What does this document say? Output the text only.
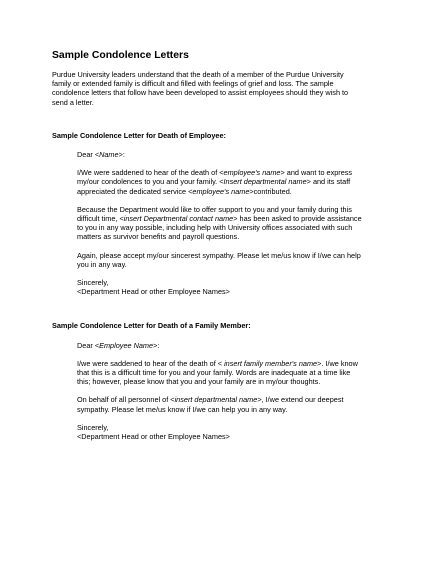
Sample Condolence Letters

Purdue University leaders understand that the death of a member of the Purdue University
family or extended family is difficult and filled with feelings of grief and loss. The sample
condolence letters that follow have been developed to assist employees should they wish to
send a letter.

Sample Condolence Letter for Death of Employee:

Dear <Name>:

I/We were saddened to hear of the death of <employee's name> and want to express
my/our condolences to you and your family. <Insert departmental name> and its staff
appreciated the dedicated service <employee's name>contributed.

Because the Department would like to offer support to you and your family during this
difficult time, <insert Departmental contact name> has been asked to provide assistance
to you in any way possible, including help with University offices associated with such
matters as survivor benefits and payroll questions.

Again, please accept my/our sincerest sympathy. Please let me/us know if I/we can help
you in any way.

Sincerely,
<Department Head or other Employee Names>

Sample Condolence Letter for Death of a Family Member:

Dear <Employee Name>:

I/we were saddened to hear of the death of < insert family member's name>. I/we know
that this is a difficult time for you and your family. Words are inadequate at a time like
this; however, please know that you and your family are in my/our thoughts.

On behalf of all personnel of <insert departmental name>, I/we extend our deepest
sympathy. Please let me/us know if I/we can help you in any way.

Sincerely,
<Department Head or other Employee Names>
